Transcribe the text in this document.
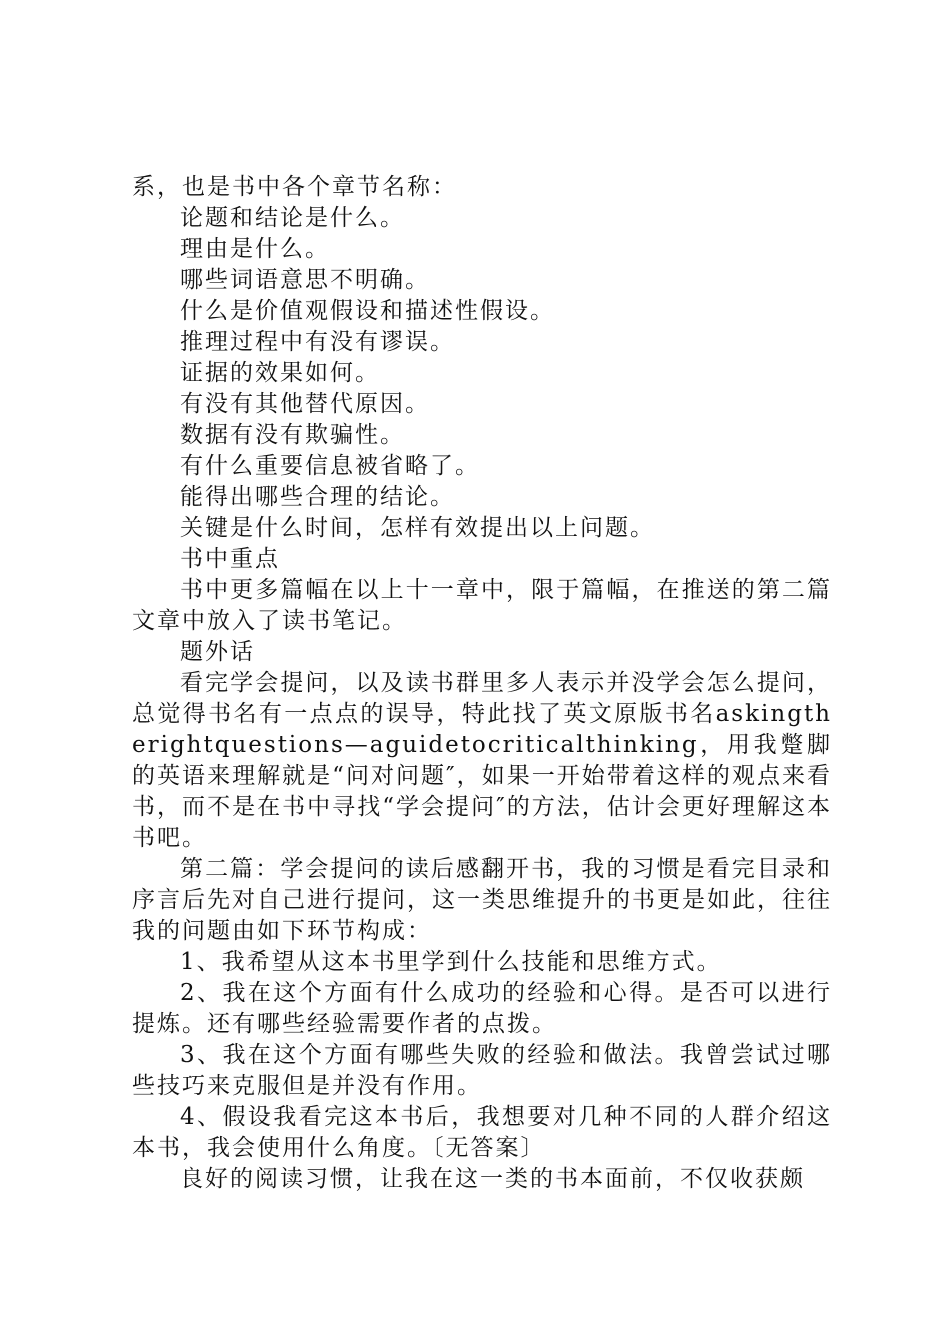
系，也是书中各个章节名称：

论题和结论是什么。

理由是什么。

哪些词语意思不明确。

什么是价值观假设和描述性假设。

推理过程中有没有谬误。

证据的效果如何。

有没有其他替代原因。

数据有没有欺骗性。

有什么重要信息被省略了。

能得出哪些合理的结论。

关键是什么时间，怎样有效提出以上问题。

书中重点

书中更多篇幅在以上十一章中，限于篇幅，在推送的第二篇文章中放入了读书笔记。

题外话

看完学会提问，以及读书群里多人表示并没学会怎么提问，总觉得书名有一点点的误导，特此找了英文原版书名askingtherightquestions—aguidetocriticalthinking，用我蹩脚的英语来理解就是“问对问题″，如果一开始带着这样的观点来看书，而不是在书中寻找“学会提问″的方法，估计会更好理解这本书吧。

第二篇：学会提问的读后感翻开书，我的习惯是看完目录和序言后先对自己进行提问，这一类思维提升的书更是如此，往往我的问题由如下环节构成：

1、我希望从这本书里学到什么技能和思维方式。

2、我在这个方面有什么成功的经验和心得。是否可以进行提炼。还有哪些经验需要作者的点拨。

3、我在这个方面有哪些失败的经验和做法。我曾尝试过哪些技巧来克服但是并没有作用。

4、假设我看完这本书后，我想要对几种不同的人群介绍这本书，我会使用什么角度。〔无答案〕

良好的阅读习惯，让我在这一类的书本面前，不仅收获颇
